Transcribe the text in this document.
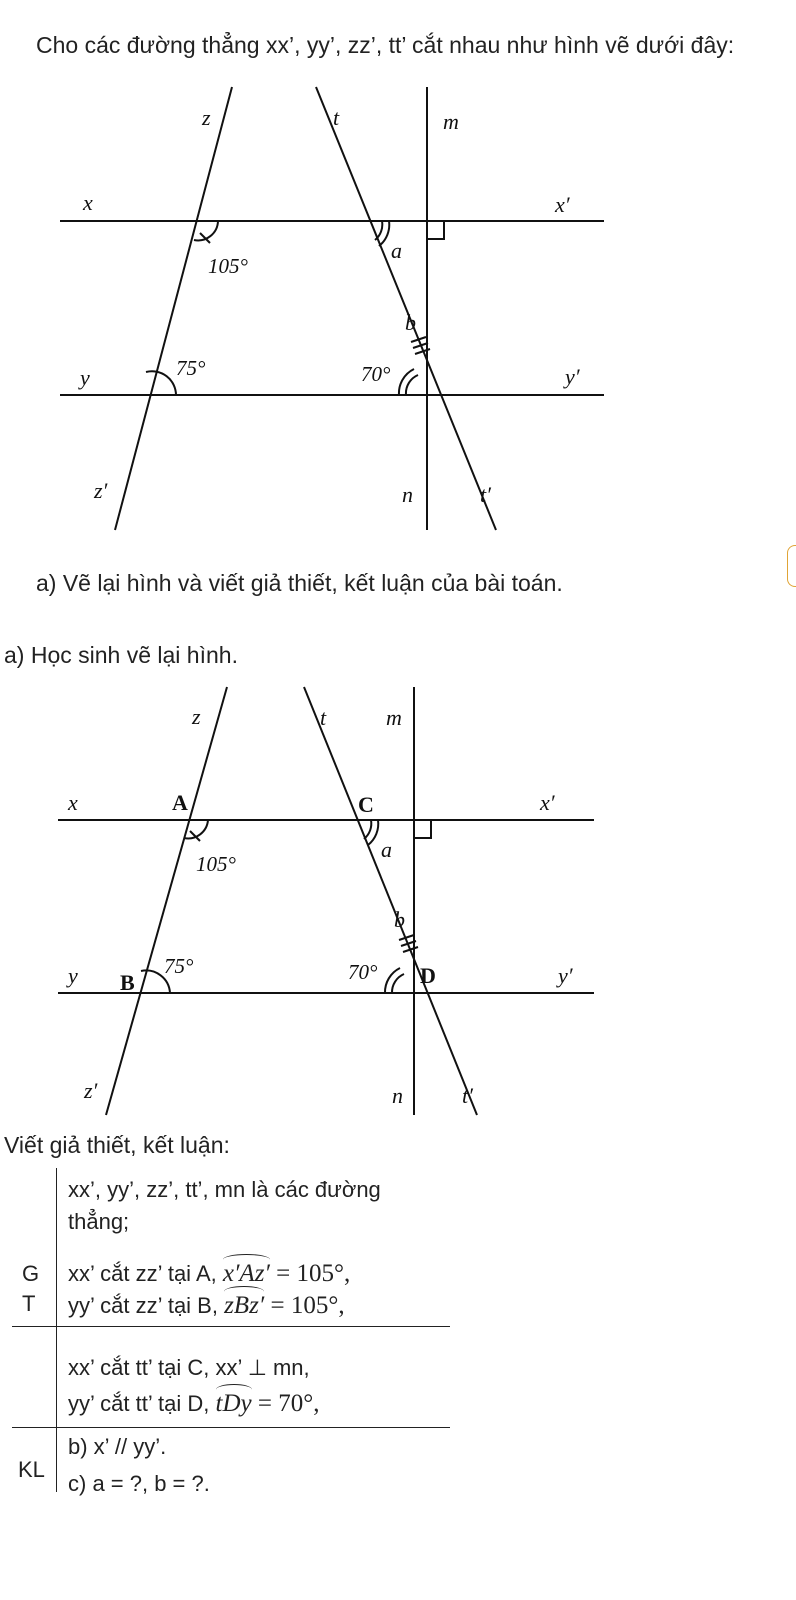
Cho các đường thẳng xx’, yy’, zz’, tt’ cắt nhau như hình vẽ dưới đây:
z	t	m
x	x′
y	y′
z′	n	t′
a
b
105°
75°	70°
a) Vẽ lại hình và viết giả thiết, kết luận của bài toán.
a) Học sinh vẽ lại hình.
z	t	m
x	x′
y	y′
z′	n	t′
a
b
A
B
C
D
105°
75°	70°
Viết giả thiết, kết luận:
G
T
xx’, yy’, zz’, tt’, mn là các đường
thẳng;
xx’ cắt zz’ tại A, x′Az′ = 105°,
yy’ cắt zz’ tại B, zBz′ = 105°,
xx’ cắt tt’ tại C, xx’ ⊥ mn,
yy’ cắt tt’ tại D, tDy = 70°,
KL
b) x’ // yy’.
c) a = ?, b = ?.
